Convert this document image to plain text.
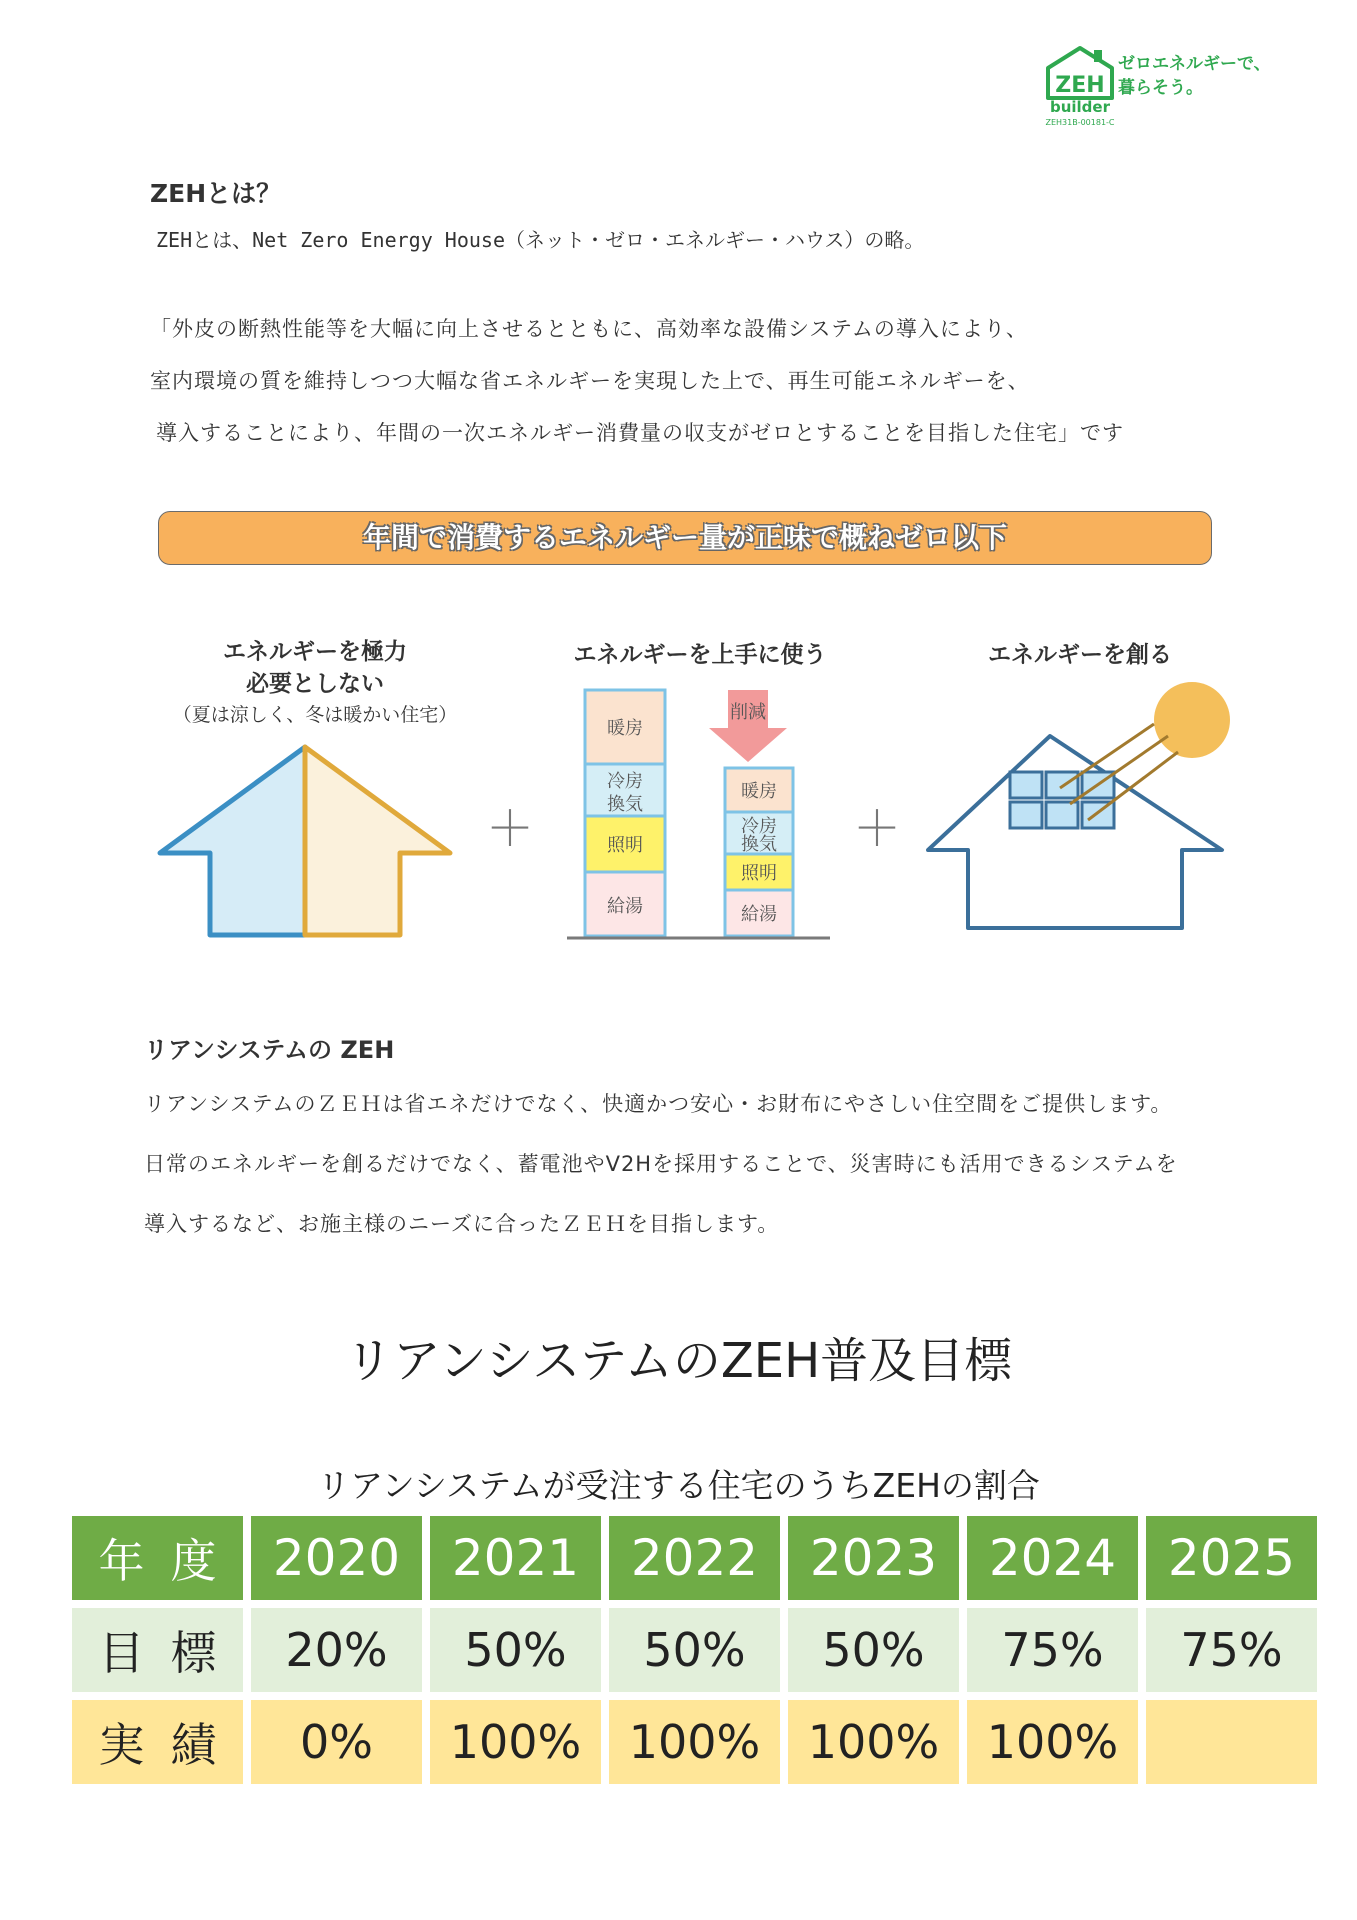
ZEH
builder
ZEH31B-00181-C
ゼロエネルギーで、
暮らそう。
ZEHとは？
ZEHとは、Net Zero Energy House（ネット・ゼロ・エネルギー・ハウス）の略。
「外皮の断熱性能等を大幅に向上させるとともに、高効率な設備システムの導入により、
室内環境の質を維持しつつ大幅な省エネルギーを実現した上で、再生可能エネルギーを、
導入することにより、年間の一次エネルギー消費量の収支がゼロとすることを目指した住宅」です
年間で消費するエネルギー量が正味で概ねゼロ以下
エネルギーを極力
必要としない
（夏は涼しく、冬は暖かい住宅）
＋	＋
エネルギーを上手に使う
暖房
冷房
換気
照明
給湯
削減
暖房
冷房
換気
照明
給湯
エネルギーを創る
リアンシステムの ZEH
リアンシステムのＺＥＨは省エネだけでなく、快適かつ安心・お財布にやさしい住空間をご提供します。
日常のエネルギーを創るだけでなく、蓄電池やV2Hを採用することで、災害時にも活用できるシステムを
導入するなど、お施主様のニーズに合ったＺＥＨを目指します。
リアンシステムのZEH普及目標
リアンシステムが受注する住宅のうちZEHの割合
年度	2020	2021	2022	2023	2024	2025
目標	20%	50%	50%	50%	75%	75%
実績	0%	100%	100%	100%	100%	
